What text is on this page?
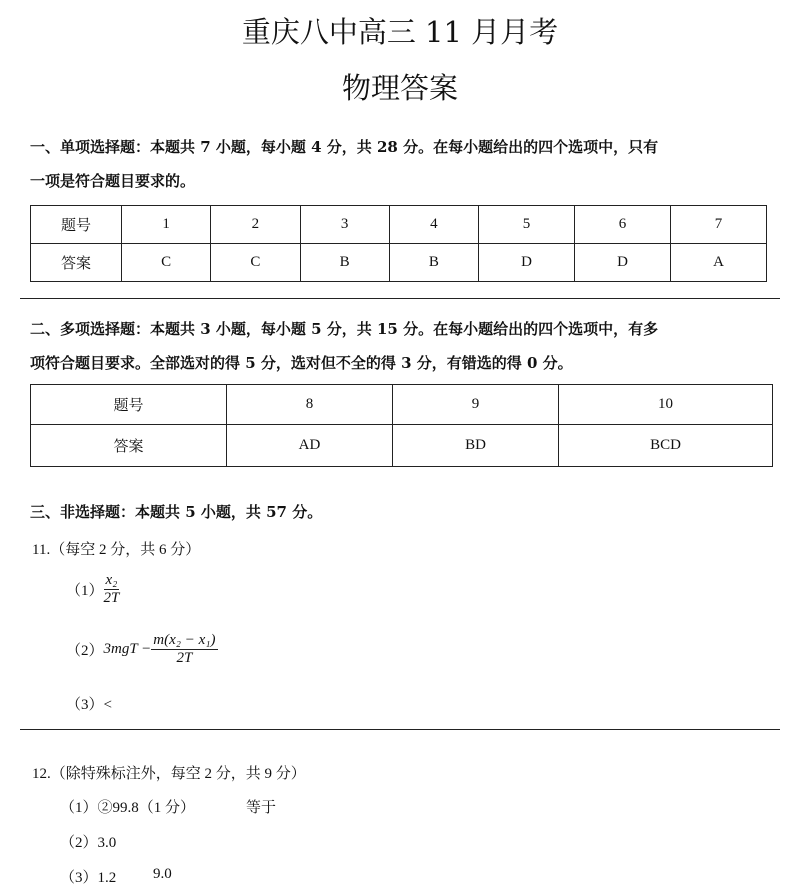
重庆八中高三 11 月月考
物理答案
一、单项选择题：本题共 7 小题，每小题 4 分，共 28 分。在每小题给出的四个选项中，只有
一项是符合题目要求的。
题号	1	2	3	4	5	6	7
答案	C	C	B	B	D	D	A
二、多项选择题：本题共 3 小题，每小题 5 分，共 15 分。在每小题给出的四个选项中，有多
项符合题目要求。全部选对的得 5 分，选对但不全的得 3 分，有错选的得 0 分。
题号	8	9	10
答案	AD	BD	BCD
三、非选择题：本题共 5 小题，共 57 分。
11.（每空 2 分，共 6 分）
$(1) \frac{\text{x₂}}{2T}$
（2） $3mgT - \frac{\text{m(x₂ − x₁)}}{2T}$
（3）<
12.（除特殊标注外，每空 2 分，共 9 分）
（1）②99.8（1 分）	等于
（2）3.0
（3）1.2 9.0
